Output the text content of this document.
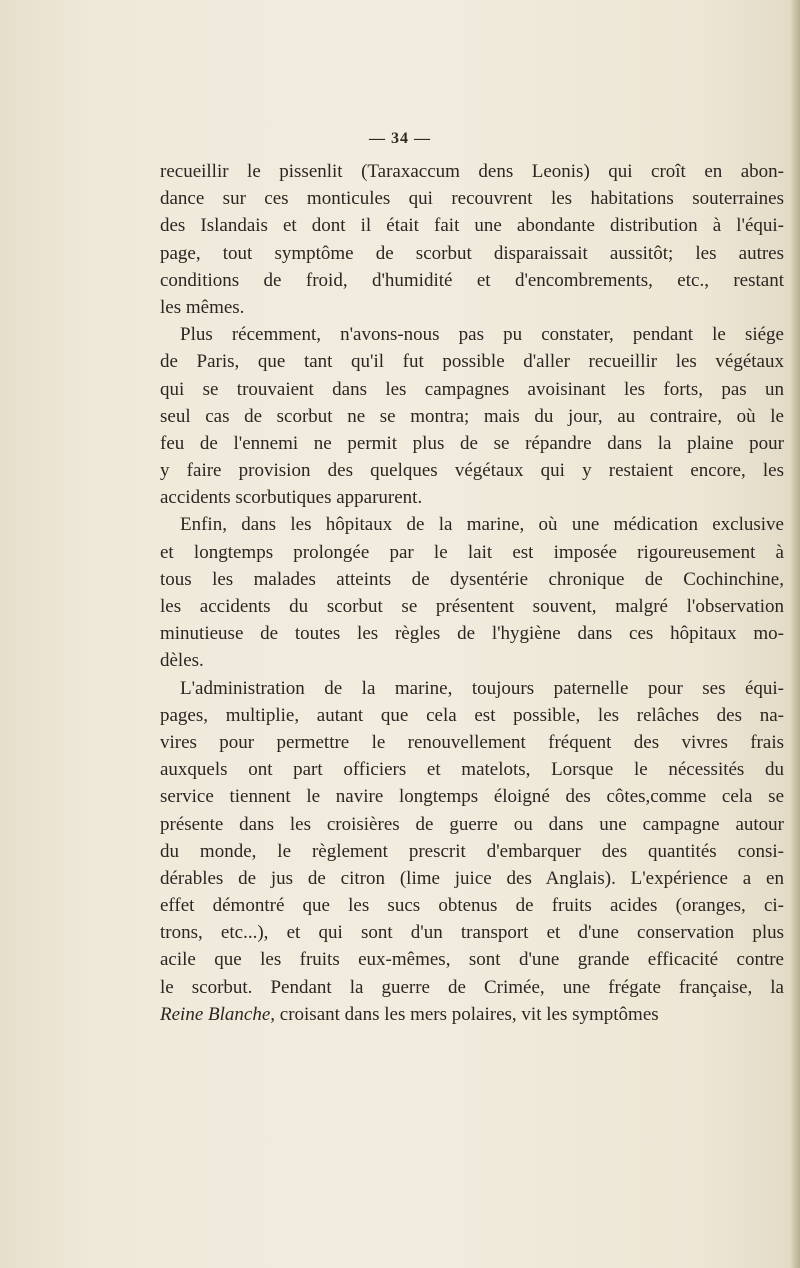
— 34 —
recueillir le pissenlit (Taraxaccum dens Leonis) qui croît en abon-
dance sur ces monticules qui recouvrent les habitations souterraines
des Islandais et dont il était fait une abondante distribution à l'équi-
page, tout symptôme de scorbut disparaissait aussitôt; les autres
conditions de froid, d'humidité et d'encombrements, etc., restant
les mêmes.
Plus récemment, n'avons-nous pas pu constater, pendant le siége
de Paris, que tant qu'il fut possible d'aller recueillir les végétaux
qui se trouvaient dans les campagnes avoisinant les forts, pas un
seul cas de scorbut ne se montra; mais du jour, au contraire, où le
feu de l'ennemi ne permit plus de se répandre dans la plaine pour
y faire provision des quelques végétaux qui y restaient encore, les
accidents scorbutiques apparurent.
Enfin, dans les hôpitaux de la marine, où une médication exclusive
et longtemps prolongée par le lait est imposée rigoureusement à
tous les malades atteints de dysentérie chronique de Cochinchine,
les accidents du scorbut se présentent souvent, malgré l'observation
minutieuse de toutes les règles de l'hygiène dans ces hôpitaux mo-
dèles.
L'administration de la marine, toujours paternelle pour ses équi-
pages, multiplie, autant que cela est possible, les relâches des na-
vires pour permettre le renouvellement fréquent des vivres frais
auxquels ont part officiers et matelots, Lorsque le nécessités du
service tiennent le navire longtemps éloigné des côtes,comme cela se
présente dans les croisières de guerre ou dans une campagne autour
du monde, le règlement prescrit d'embarquer des quantités consi-
dérables de jus de citron (lime juice des Anglais). L'expérience a en
effet démontré que les sucs obtenus de fruits acides (oranges, ci-
trons, etc...), et qui sont d'un transport et d'une conservation plus
acile que les fruits eux-mêmes, sont d'une grande efficacité contre
le scorbut. Pendant la guerre de Crimée, une frégate française, la
Reine Blanche, croisant dans les mers polaires, vit les symptômes
